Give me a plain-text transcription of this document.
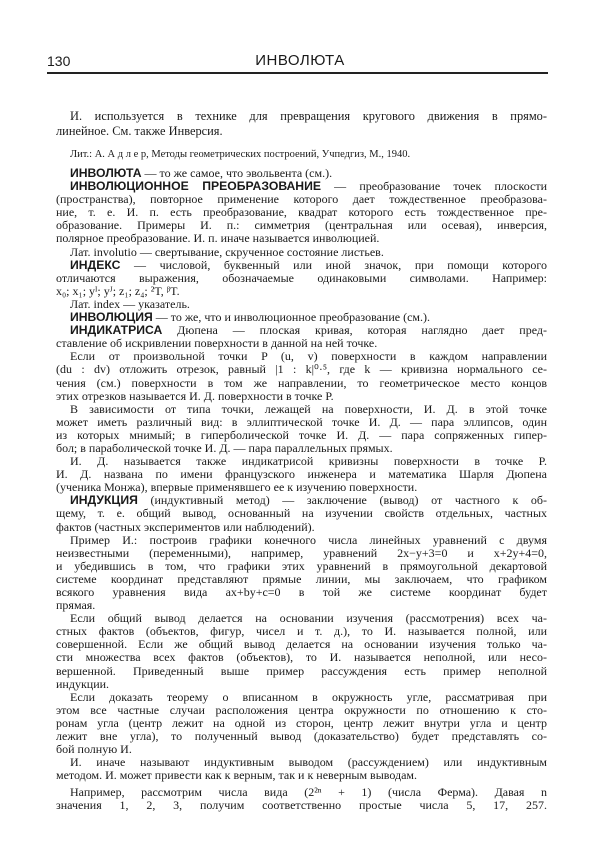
130	ИНВОЛЮТА
И. используется в технике для превращения кругового движения в прямо-
линейное. См. также Инверсия.
Лит.: А. А д л е р, Методы геометрических построений, Учпедгиз, М., 1940.
ИНВОЛЮТА — то же самое, что эвольвента (см.).
ИНВОЛЮЦИОННОЕ ПРЕОБРАЗОВАНИЕ — преобразование точек плоскости
(пространства), повторное применение которого дает тождественное преобразова-
ние, т. е. И. п. есть преобразование, квадрат которого есть тождественное пре-
образование. Примеры И. п.: симметрия (центральная или осевая), инверсия,
полярное преобразование. И. п. иначе называется инволюцией.
Лат. involutio — свертывание, скрученное состояние листьев.
ИНДЕКС — числовой, буквенный или иной значок, при помощи которого
отличаются выражения, обозначаемые одинаковыми символами. Например:
x₀; x₁; yᴵ; yᴶ; z₁; z₄; ²T, ᵝT.
Лат. index — указатель.
ИНВОЛЮЦИЯ — то же, что и инволюционное преобразование (см.).
ИНДИКАТРИСА Дюпена — плоская кривая, которая наглядно дает пред-
ставление об искривлении поверхности в данной на ней точке.
Если от произвольной точки P (u, v) поверхности в каждом направлении
(du : dv) отложить отрезок, равный |1 : k|⁰·⁵, где k — кривизна нормального се-
чения (см.) поверхности в том же направлении, то геометрическое место концов
этих отрезков называется И. Д. поверхности в точке P.
В зависимости от типа точки, лежащей на поверхности, И. Д. в этой точке
может иметь различный вид: в эллиптической точке И. Д. — пара эллипсов, один
из которых мнимый; в гиперболической точке И. Д. — пара сопряженных гипер-
бол; в параболической точке И. Д. — пара параллельных прямых.
И. Д. называется также индикатрисой кривизны поверхности в точке P.
И. Д. названа по имени французского инженера и математика Шарля Дюпена
(ученика Монжа), впервые применявшего ее к изучению поверхности.
ИНДУКЦИЯ (индуктивный метод) — заключение (вывод) от частного к об-
щему, т. е. общий вывод, основанный на изучении свойств отдельных, частных
фактов (частных экспериментов или наблюдений).
Пример И.: построив графики конечного числа линейных уравнений с двумя
неизвестными (переменными), например, уравнений 2x−y+3=0 и x+2y+4=0,
и убедившись в том, что графики этих уравнений в прямоугольной декартовой
системе координат представляют прямые линии, мы заключаем, что графиком
всякого уравнения вида ax+by+c=0 в той же системе координат будет
прямая.
Если общий вывод делается на основании изучения (рассмотрения) всех ча-
стных фактов (объектов, фигур, чисел и т. д.), то И. называется полной, или
совершенной. Если же общий вывод делается на основании изучения только ча-
сти множества всех фактов (объектов), то И. называется неполной, или несо-
вершенной. Приведенный выше пример рассуждения есть пример неполной
индукции.
Если доказать теорему о вписанном в окружность угле, рассматривая при
этом все частные случаи расположения центра окружности по отношению к сто-
ронам угла (центр лежит на одной из сторон, центр лежит внутри угла и центр
лежит вне угла), то полученный вывод (доказательство) будет представлять со-
бой полную И.
И. иначе называют индуктивным выводом (рассуждением) или индуктивным
методом. И. может привести как к верным, так и к неверным выводам.
Например, рассмотрим числа вида (2²ⁿ + 1) (числа Ферма). Давая n
значения 1, 2, 3, получим соответственно простые числа 5, 17, 257.
